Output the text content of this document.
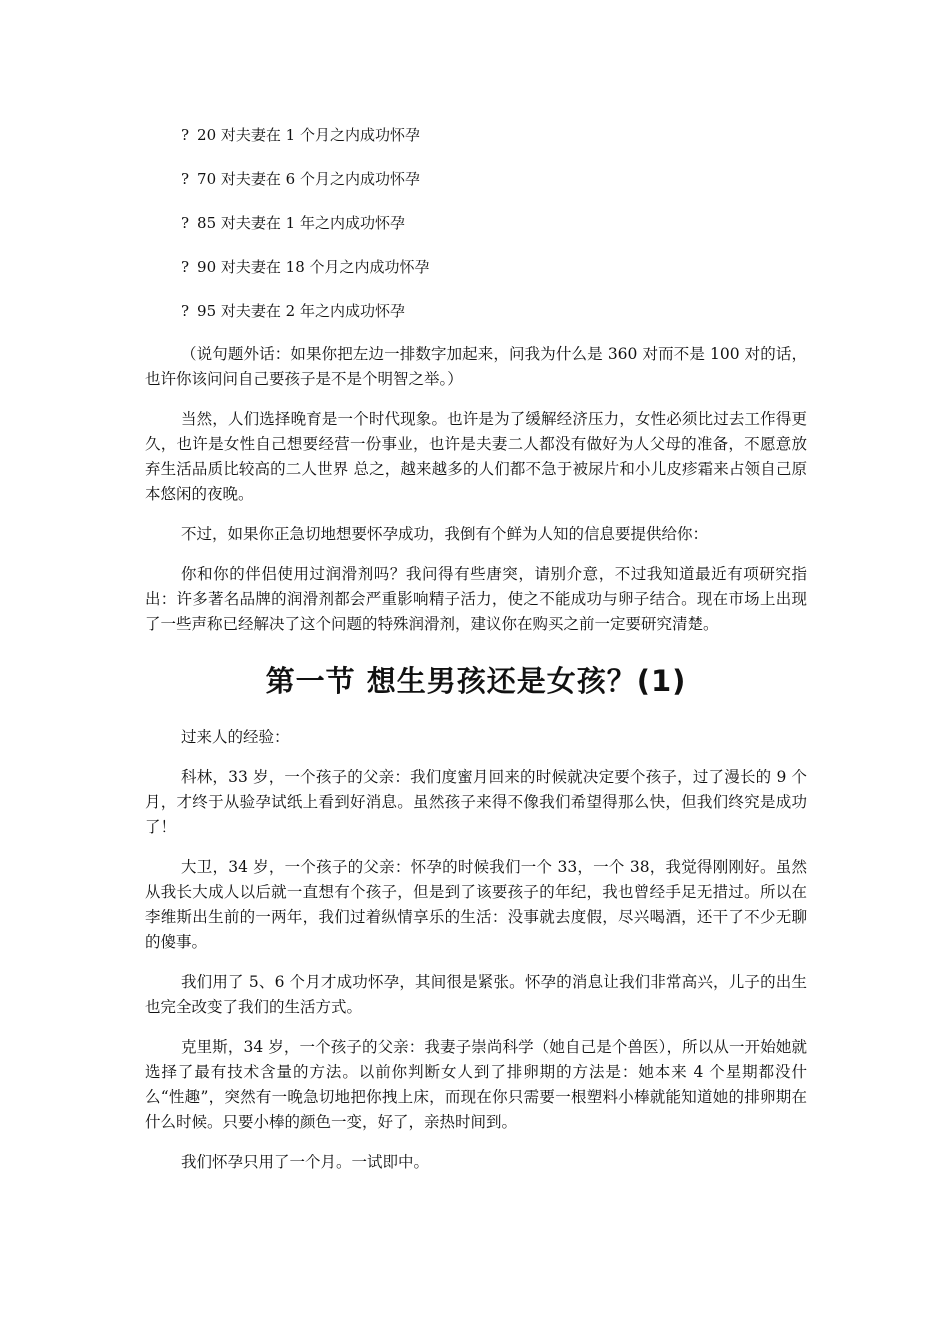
? 20 对夫妻在 1 个月之内成功怀孕
? 70 对夫妻在 6 个月之内成功怀孕
? 85 对夫妻在 1 年之内成功怀孕
? 90 对夫妻在 18 个月之内成功怀孕
? 95 对夫妻在 2 年之内成功怀孕

（说句题外话：如果你把左边一排数字加起来，问我为什么是 360 对而不是 100 对的话，也许你该问问自己要孩子是不是个明智之举。）

当然，人们选择晚育是一个时代现象。也许是为了缓解经济压力，女性必须比过去工作得更久，也许是女性自己想要经营一份事业，也许是夫妻二人都没有做好为人父母的准备，不愿意放弃生活品质比较高的二人世界 总之，越来越多的人们都不急于被尿片和小儿皮疹霜来占领自己原本悠闲的夜晚。

不过，如果你正急切地想要怀孕成功，我倒有个鲜为人知的信息要提供给你：

你和你的伴侣使用过润滑剂吗？我问得有些唐突，请别介意，不过我知道最近有项研究指出：许多著名品牌的润滑剂都会严重影响精子活力，使之不能成功与卵子结合。现在市场上出现了一些声称已经解决了这个问题的特殊润滑剂，建议你在购买之前一定要研究清楚。

第一节 想生男孩还是女孩？(1)

过来人的经验：

科林，33 岁，一个孩子的父亲：我们度蜜月回来的时候就决定要个孩子，过了漫长的 9 个月，才终于从验孕试纸上看到好消息。虽然孩子来得不像我们希望得那么快，但我们终究是成功了！

大卫，34 岁，一个孩子的父亲：怀孕的时候我们一个 33，一个 38，我觉得刚刚好。虽然从我长大成人以后就一直想有个孩子，但是到了该要孩子的年纪，我也曾经手足无措过。所以在李维斯出生前的一两年，我们过着纵情享乐的生活：没事就去度假，尽兴喝酒，还干了不少无聊的傻事。

我们用了 5、6 个月才成功怀孕，其间很是紧张。怀孕的消息让我们非常高兴，儿子的出生也完全改变了我们的生活方式。

克里斯，34 岁，一个孩子的父亲：我妻子崇尚科学（她自己是个兽医），所以从一开始她就选择了最有技术含量的方法。以前你判断女人到了排卵期的方法是：她本来 4 个星期都没什么“性趣”，突然有一晚急切地把你拽上床，而现在你只需要一根塑料小棒就能知道她的排卵期在什么时候。只要小棒的颜色一变，好了，亲热时间到。

我们怀孕只用了一个月。一试即中。
